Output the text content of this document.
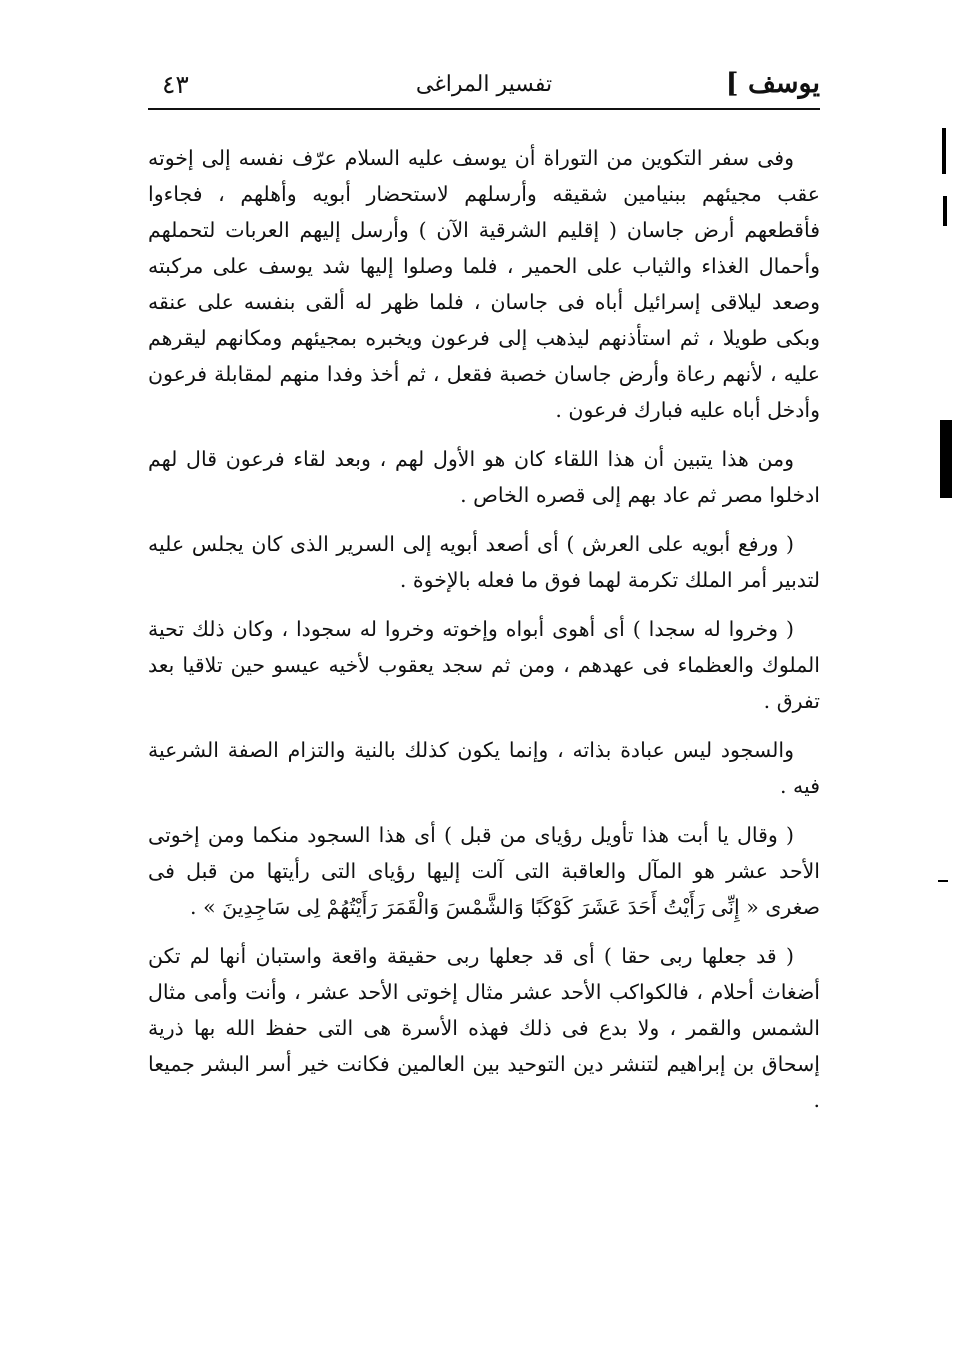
يوسف ]
تفسير المراغى
٤٣

وفى سفر التكوين من التوراة أن يوسف عليه السلام عرّف نفسه إلى إخوته عقب مجيئهم ببنيامين شقيقه وأرسلهم لاستحضار أبويه وأهلهم ، فجاءوا فأقطعهم أرض جاسان ( إقليم الشرقية الآن ) وأرسل إليهم العربات لتحملهم وأحمال الغذاء والثياب على الحمير ، فلما وصلوا إليها شد يوسف على مركبته وصعد ليلاقى إسرائيل أباه فى جاسان ، فلما ظهر له ألقى بنفسه على عنقه وبكى طويلا ، ثم استأذنهم ليذهب إلى فرعون ويخبره بمجيئهم ومكانهم ليقرهم عليه ، لأنهم رعاة وأرض جاسان خصبة فقعل ، ثم أخذ وفدا منهم لمقابلة فرعون وأدخل أباه عليه فبارك فرعون .

ومن هذا يتبين أن هذا اللقاء كان هو الأول لهم ، وبعد لقاء فرعون قال لهم ادخلوا مصر ثم عاد بهم إلى قصره الخاص .

( ورفع أبويه على العرش ) أى أصعد أبويه إلى السرير الذى كان يجلس عليه لتدبير أمر الملك تكرمة لهما فوق ما فعله بالإخوة .

( وخروا له سجدا ) أى أهوى أبواه وإخوته وخروا له سجودا ، وكان ذلك تحية الملوك والعظماء فى عهدهم ، ومن ثم سجد يعقوب لأخيه عيسو حين تلاقيا بعد تفرق .

والسجود ليس عبادة بذاته ، وإنما يكون كذلك بالنية والتزام الصفة الشرعية فيه .

( وقال يا أبت هذا تأويل رؤياى من قبل ) أى هذا السجود منكما ومن إخوتى الأحد عشر هو المآل والعاقبة التى آلت إليها رؤياى التى رأيتها من قبل فى صغرى « إِنِّى رَأَيْتُ أَحَدَ عَشَرَ كَوْكَبًا وَالشَّمْسَ وَالْقَمَرَ رَأَيْتُهُمْ لِى سَاجِدِينَ » .

( قد جعلها ربى حقا ) أى قد جعلها ربى حقيقة واقعة واستبان أنها لم تكن أضغاث أحلام ، فالكواكب الأحد عشر مثال إخوتى الأحد عشر ، وأنت وأمى مثال الشمس والقمر ، ولا بدع فى ذلك فهذه الأسرة هى التى حفظ الله بها ذرية إسحاق بن إبراهيم لتنشر دين التوحيد بين العالمين فكانت خير أسر البشر جميعا .
